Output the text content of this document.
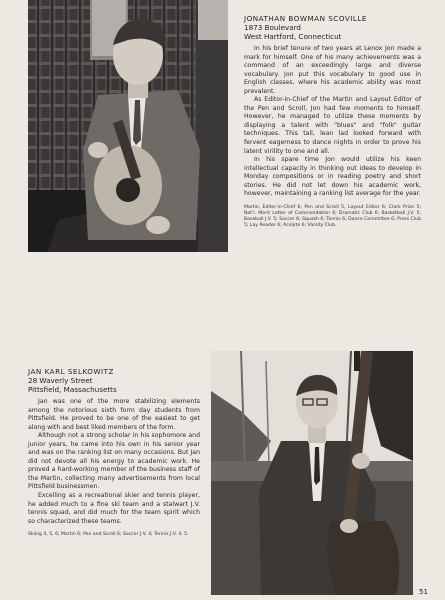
JONATHAN BOWMAN SCOVILLE
1873 Boulevard
West Hartford, Connecticut

In his brief tenure of two years at Lenox Jon made a mark for himself. One of his many achievements was a command of an exceedingly large and diverse vocabulary. Jon put this vocabulary to good use in English classes, where his academic ability was most prevalent.

As Editor-in-Chief of the Martin and Layout Editor of the Pen and Scroll, Jon had few moments to himself. However, he managed to utilize these moments by displaying a talent with "blues" and "folk" guitar techniques. This tall, lean lad looked forward with fervent eagerness to dance nights in order to prove his latent virility to one and all.

In his spare time Jon would utilize his keen intellectual capacity in thinking out ideas to develop in Monday compositions or in reading poetry and short stories. He did not let down his academic work, however, maintaining a ranking list average for the year.

Martin, Editor-in-Chief 6; Pen and Scroll 5, Layout Editor 6; Clark Prize 5; Nat'l. Merit Letter of Commendation 6; Dramatic Club 6; Basketball J.V. 5; Baseball J.V. 5; Soccer 6; Squash 6; Tennis 6; Dance Committee 6; Press Club 5; Lay Reader 6; Acolyte 6; Varsity Club.
JAN KARL SELKOWITZ
28 Waverly Street
Pittsfield, Massachusetts

Jan was one of the more stabilizing elements among the notorious sixth form day students from Pittsfield. He proved to be one of the easiest to get along with and best liked members of the form.

Although not a strong scholar in his sophomore and junior years, he came into his own in his senior year and was on the ranking list on many occasions. But Jan did not devote all his energy to academic work. He proved a hard-working member of the business staff of the Martin, collecting many advertisements from local Pittsfield businessmen.

Excelling as a recreational skier and tennis player, he added much to a fine ski team and a stalwart J.V. tennis squad, and did much for the team spirit which so characterized these teams.

Skiing 4, 5, 6; Martin 6; Pen and Scroll 6; Soccer J.V. 4; Tennis J.V. 4, 5.
51
